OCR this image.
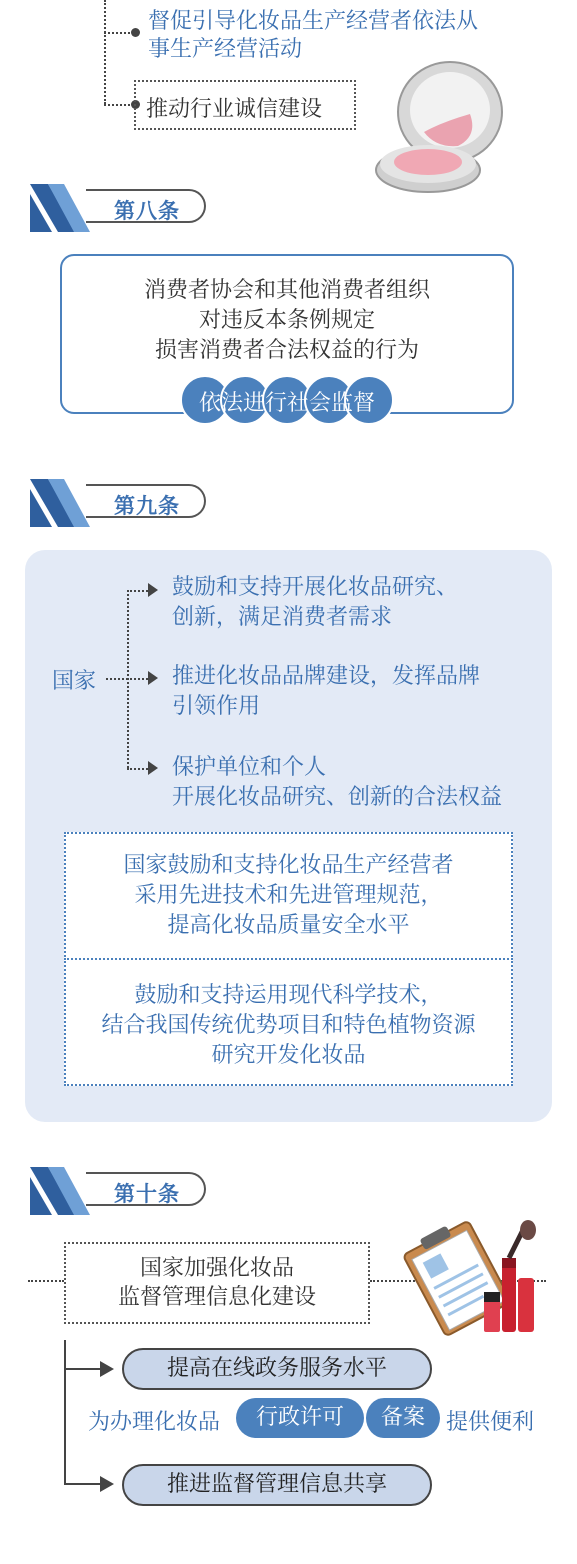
督促引导化妆品生产经营者依法从
事生产经营活动
推动行业诚信建设
第八条
消费者协会和其他消费者组织
对违反本条例规定
损害消费者合法权益的行为
依法进行社会监督
第九条
国家
鼓励和支持开展化妆品研究、
创新，满足消费者需求
推进化妆品品牌建设，发挥品牌
引领作用
保护单位和个人
开展化妆品研究、创新的合法权益
国家鼓励和支持化妆品生产经营者
采用先进技术和先进管理规范，
提高化妆品质量安全水平
鼓励和支持运用现代科学技术，
结合我国传统优势项目和特色植物资源
研究开发化妆品
第十条
国家加强化妆品
监督管理信息化建设
提高在线政务服务水平
为办理化妆品	行政许可	备案 提供便利
推进监督管理信息共享
